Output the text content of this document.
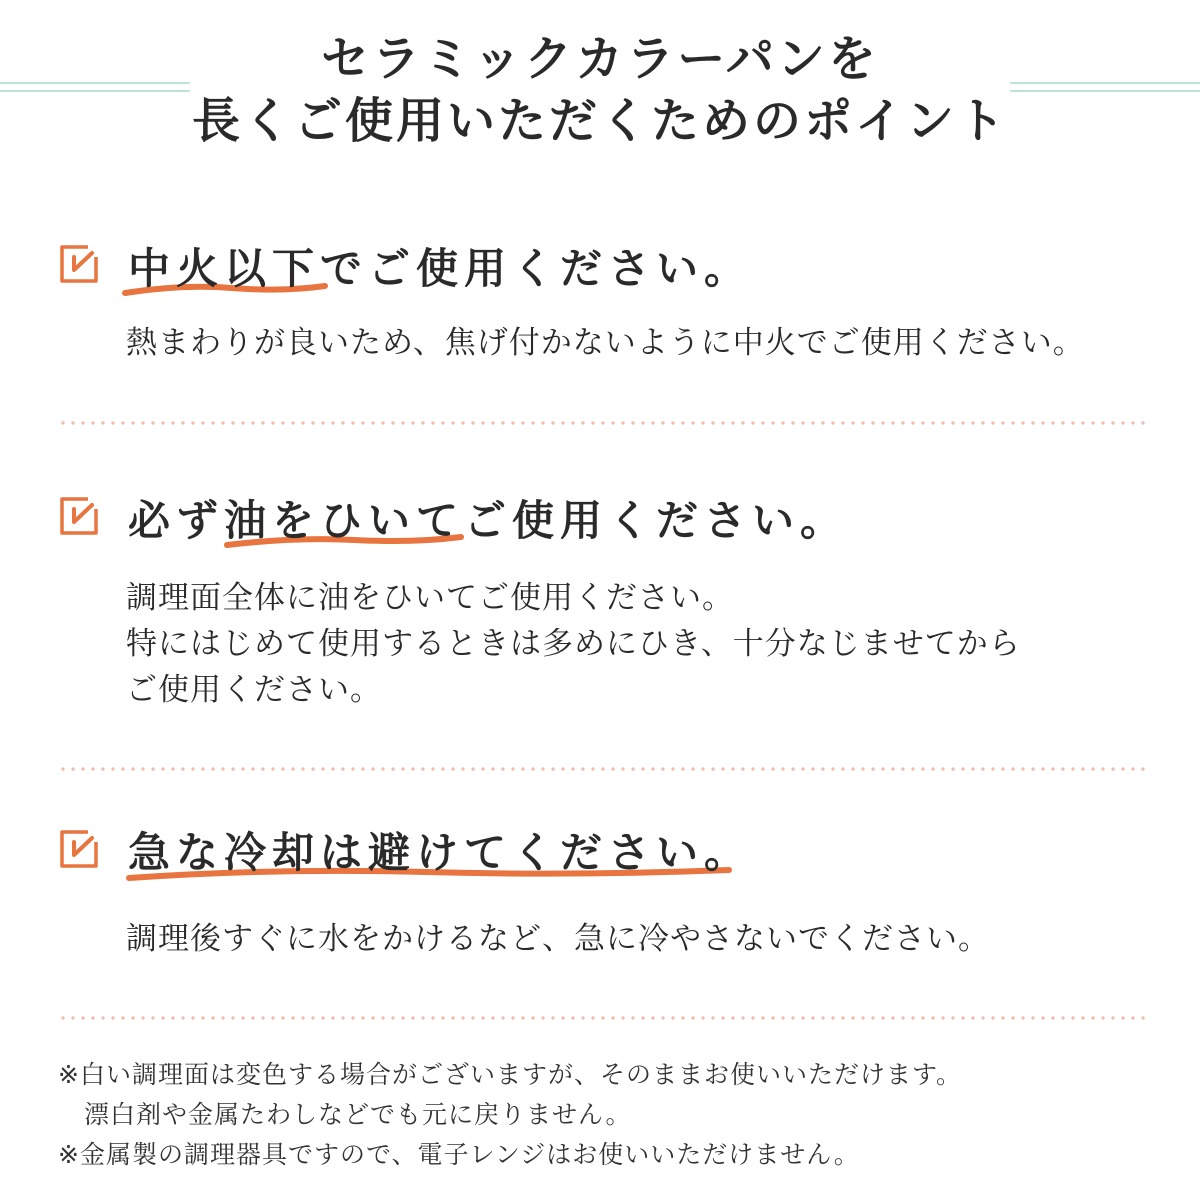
セラミックカラーパンを
長くご使用いただくためのポイント
中火以下でご使用ください。
熱まわりが良いため、焦げ付かないように中火でご使用ください。
必ず油をひいてご使用ください。
調理面全体に油をひいてご使用ください。
特にはじめて使用するときは多めにひき、十分なじませてから
ご使用ください。
急な冷却は避けてください。
調理後すぐに水をかけるなど、急に冷やさないでください。
※白い調理面は変色する場合がございますが、そのままお使いいただけます。
漂白剤や金属たわしなどでも元に戻りません。
※金属製の調理器具ですので、電子レンジはお使いいただけません。
